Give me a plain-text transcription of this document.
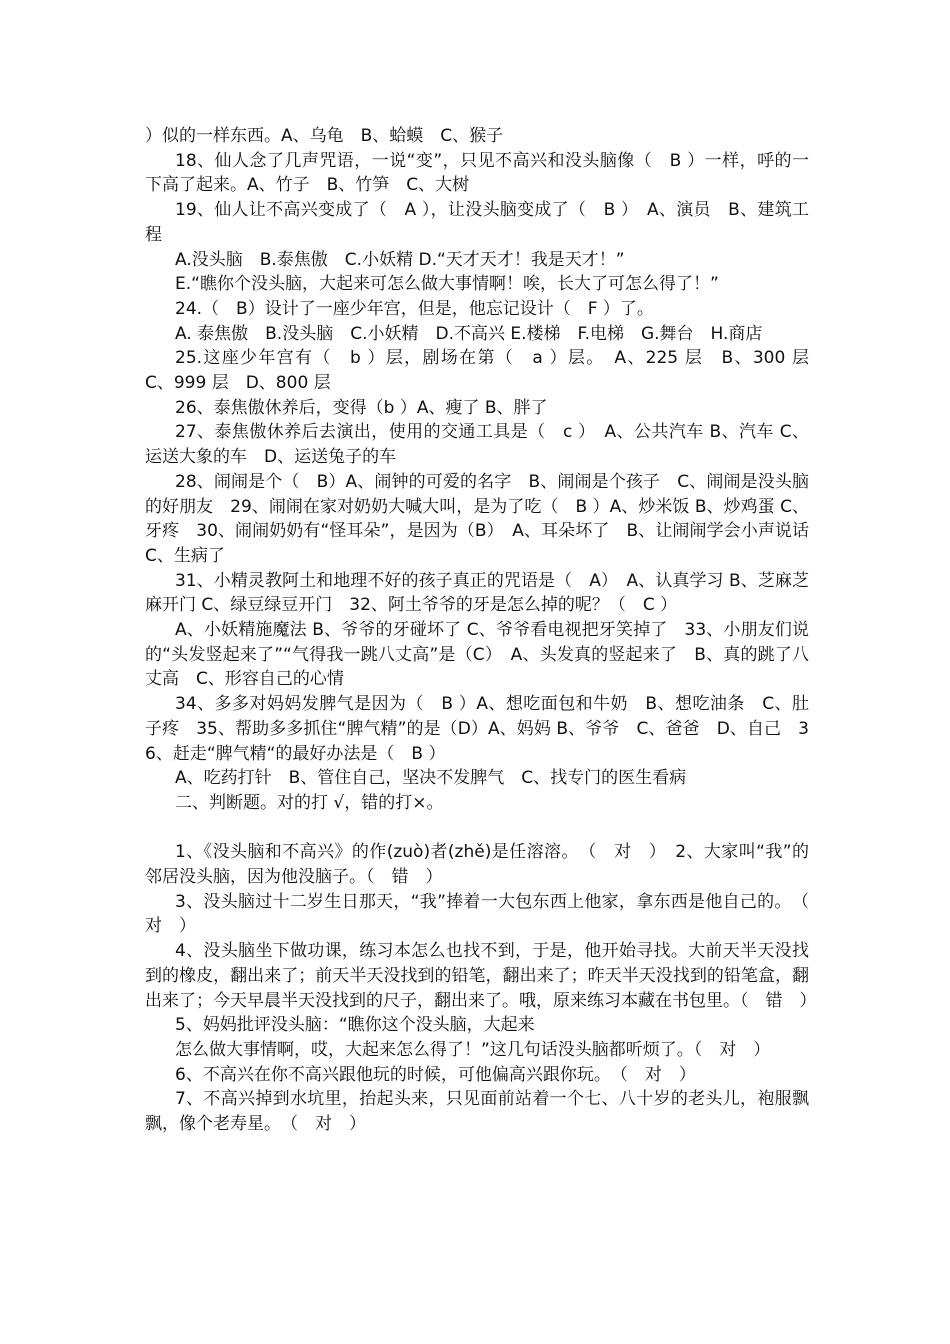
）似的一样东西。A、乌龟　B、蛤蟆　C、猴子

18、仙人念了几声咒语，一说“变”，只见不高兴和没头脑像（　B ）一样，呼的一下高了起来。A、竹子　B、竹笋　C、大树

19、仙人让不高兴变成了（　A ），让没头脑变成了（　B ）　A、演员　B、建筑工程

A.没头脑　B.泰焦傲　C.小妖精 D.“天才天才！我是天才！”

E.“瞧你个没头脑，大起来可怎么做大事情啊！唉，长大了可怎么得了！”

24.（　B）设计了一座少年宫，但是，他忘记设计（　F ）了。

A. 泰焦傲　B.没头脑　C.小妖精　D.不高兴 E.楼梯　F.电梯　G.舞台　H.商店

25.这座少年宫有（　b ）层，剧场在第（　a ）层。　A、225 层　B、300 层　C、999 层　D、800 层

26、泰焦傲休养后，变得（b ）A、瘦了 B、胖了

27、泰焦傲休养后去演出，使用的交通工具是（　c ）　A、公共汽车 B、汽车 C、运送大象的车　D、运送兔子的车

28、闹闹是个（　B）A、闹钟的可爱的名字　B、闹闹是个孩子　C、闹闹是没头脑的好朋友　29、闹闹在家对奶奶大喊大叫，是为了吃（　B ）A、炒米饭 B、炒鸡蛋 C、牙疼　30、闹闹奶奶有“怪耳朵”，是因为（B）　A、耳朵坏了　B、让闹闹学会小声说话 C、生病了

31、小精灵教阿土和地理不好的孩子真正的咒语是（　A）　A、认真学习 B、芝麻芝麻开门 C、绿豆绿豆开门　32、阿土爷爷的牙是怎么掉的呢？（　C ）

A、小妖精施魔法 B、爷爷的牙碰坏了 C、爷爷看电视把牙笑掉了　33、小朋友们说的“头发竖起来了”“气得我一跳八丈高”是（C）　A、头发真的竖起来了　B、真的跳了八丈高　C、形容自己的心情

34、多多对妈妈发脾气是因为（　B ）A、想吃面包和牛奶　B、想吃油条　C、肚子疼　35、帮助多多抓住“脾气精”的是（D）A、妈妈 B、爷爷　C、爸爸　D、自己　36、赶走“脾气精“的最好办法是（　B ）

A、吃药打针　B、管住自己，坚决不发脾气　C、找专门的医生看病

二、判断题。对的打 √，错的打×。

1、《没头脑和不高兴》的作(zuò)者(zhě)是任溶溶。　（　对　）　2、大家叫“我”的邻居没头脑，因为他没脑子。（　错　）

3、没头脑过十二岁生日那天，“我”捧着一大包东西上他家，拿东西是他自己的。　（　对　）

4、没头脑坐下做功课，练习本怎么也找不到，于是，他开始寻找。大前天半天没找到的橡皮，翻出来了；前天半天没找到的铅笔，翻出来了；昨天半天没找到的铅笔盒，翻出来了；今天早晨半天没找到的尺子，翻出来了。哦，原来练习本藏在书包里。（　错　）

5、妈妈批评没头脑：“瞧你这个没头脑，大起来

怎么做大事情啊，哎，大起来怎么得了！”这几句话没头脑都听烦了。（　对　）

6、不高兴在你不高兴跟他玩的时候，可他偏高兴跟你玩。　（　对　）

7、不高兴掉到水坑里，抬起头来，只见面前站着一个七、八十岁的老头儿，袍服飘飘，像个老寿星。　（　对　）
